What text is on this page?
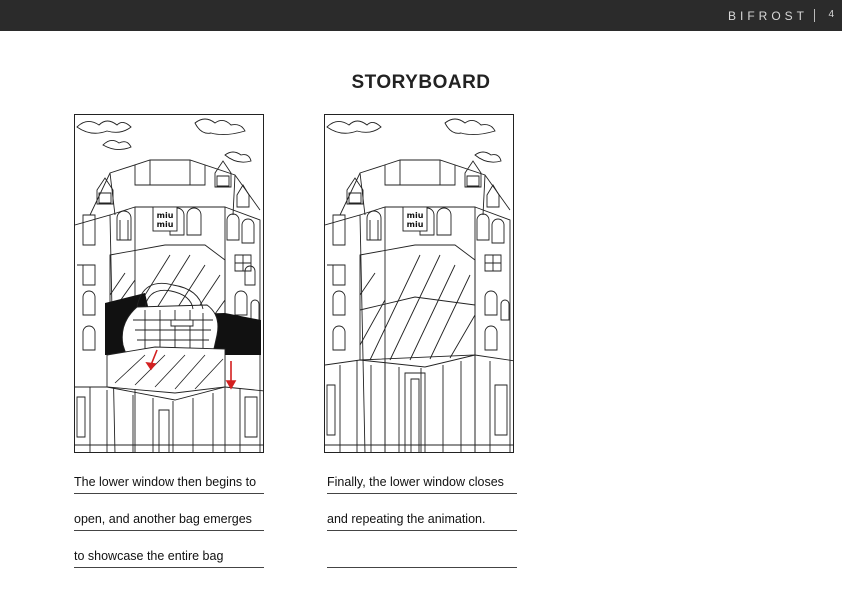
BIFROST 4
STORYBOARD
miu
miu
miu
miu
The lower window then begins to
open, and another bag emerges
to showcase the entire bag
Finally, the lower window closes
and repeating the animation.
